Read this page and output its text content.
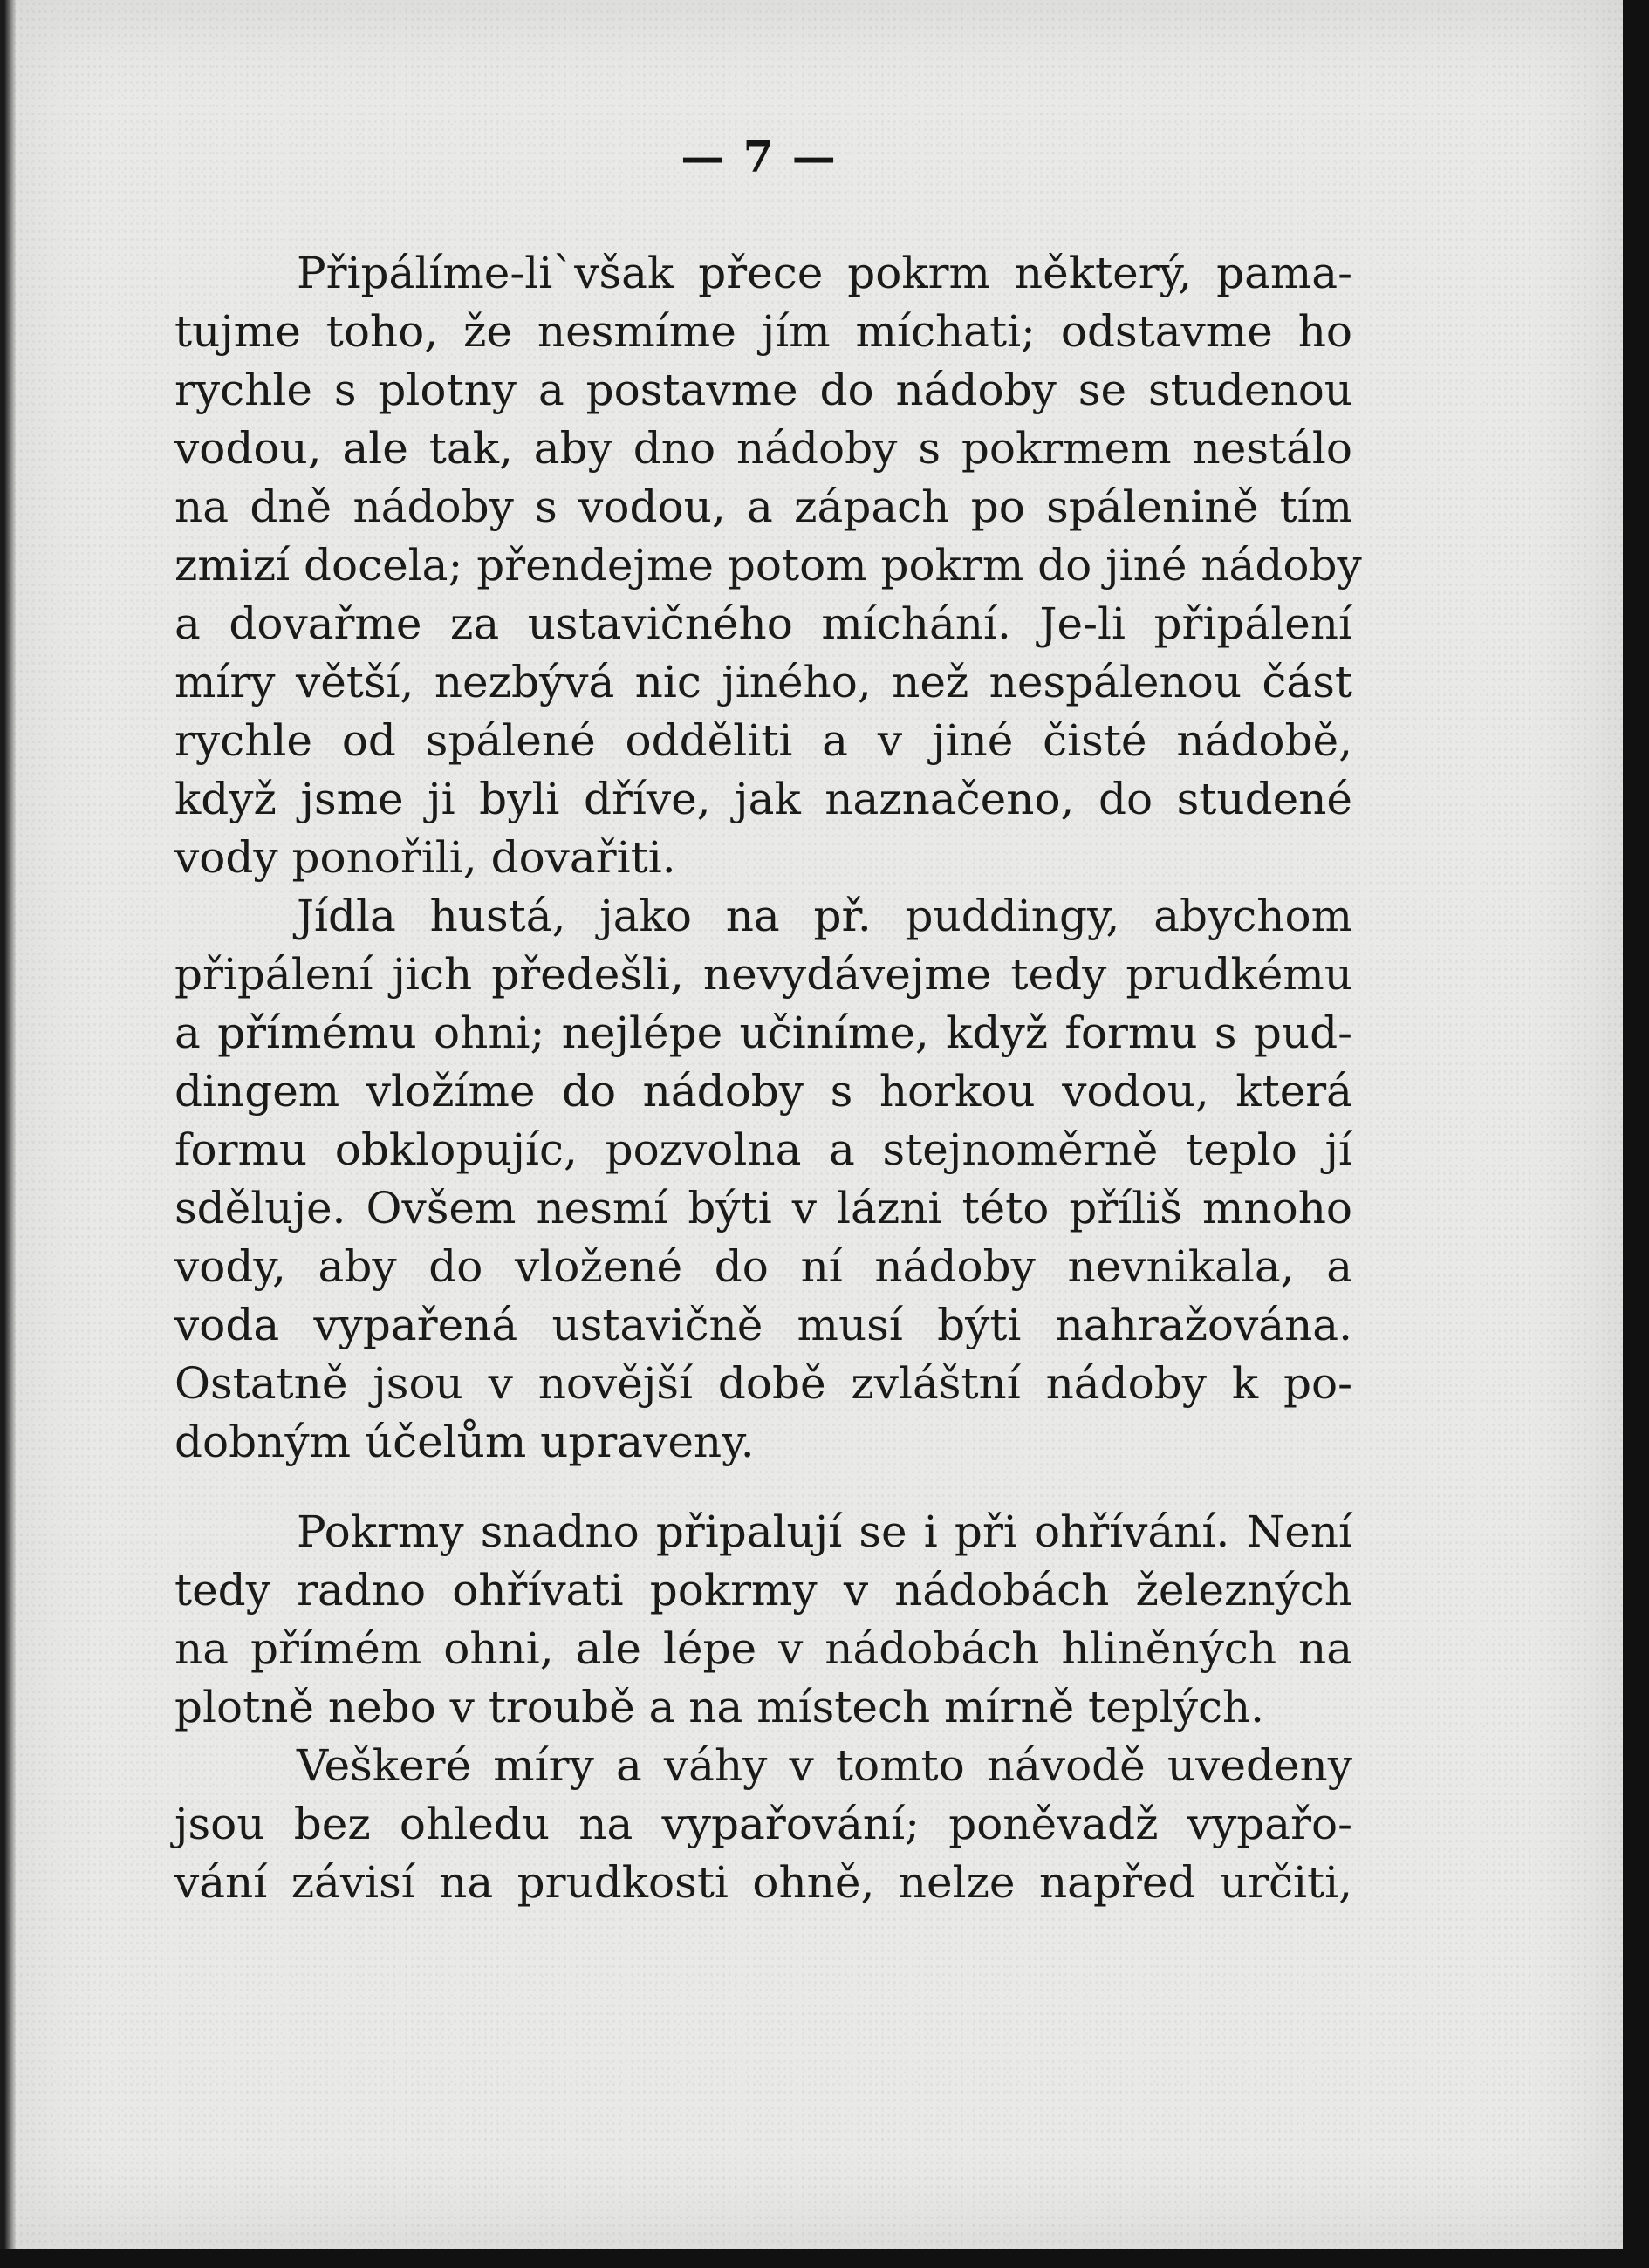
— 7 —
Připálíme-li`však přece pokrm některý, pama-
tujme toho, že nesmíme jím míchati; odstavme ho
rychle s plotny a postavme do nádoby se studenou
vodou, ale tak, aby dno nádoby s pokrmem nestálo
na dně nádoby s vodou, a zápach po spálenině tím
zmizí docela; přendejme potom pokrm do jiné nádoby
a dovařme za ustavičného míchání. Je-li připálení
míry větší, nezbývá nic jiného, než nespálenou část
rychle od spálené odděliti a v jiné čisté nádobě,
když jsme ji byli dříve, jak naznačeno, do studené
vody ponořili, dovařiti.
Jídla hustá, jako na př. puddingy, abychom
připálení jich předešli, nevydávejme tedy prudkému
a přímému ohni; nejlépe učiníme, když formu s pud-
dingem vložíme do nádoby s horkou vodou, která
formu obklopujíc, pozvolna a stejnoměrně teplo jí
sděluje. Ovšem nesmí býti v lázni této příliš mnoho
vody, aby do vložené do ní nádoby nevnikala, a
voda vypařená ustavičně musí býti nahražována.
Ostatně jsou v novější době zvláštní nádoby k po-
dobným účelům upraveny.
Pokrmy snadno připalují se i při ohřívání. Není
tedy radno ohřívati pokrmy v nádobách železných
na přímém ohni, ale lépe v nádobách hliněných na
plotně nebo v troubě a na místech mírně teplých.
Veškeré míry a váhy v tomto návodě uvedeny
jsou bez ohledu na vypařování; poněvadž vypařo-
vání závisí na prudkosti ohně, nelze napřed určiti,
